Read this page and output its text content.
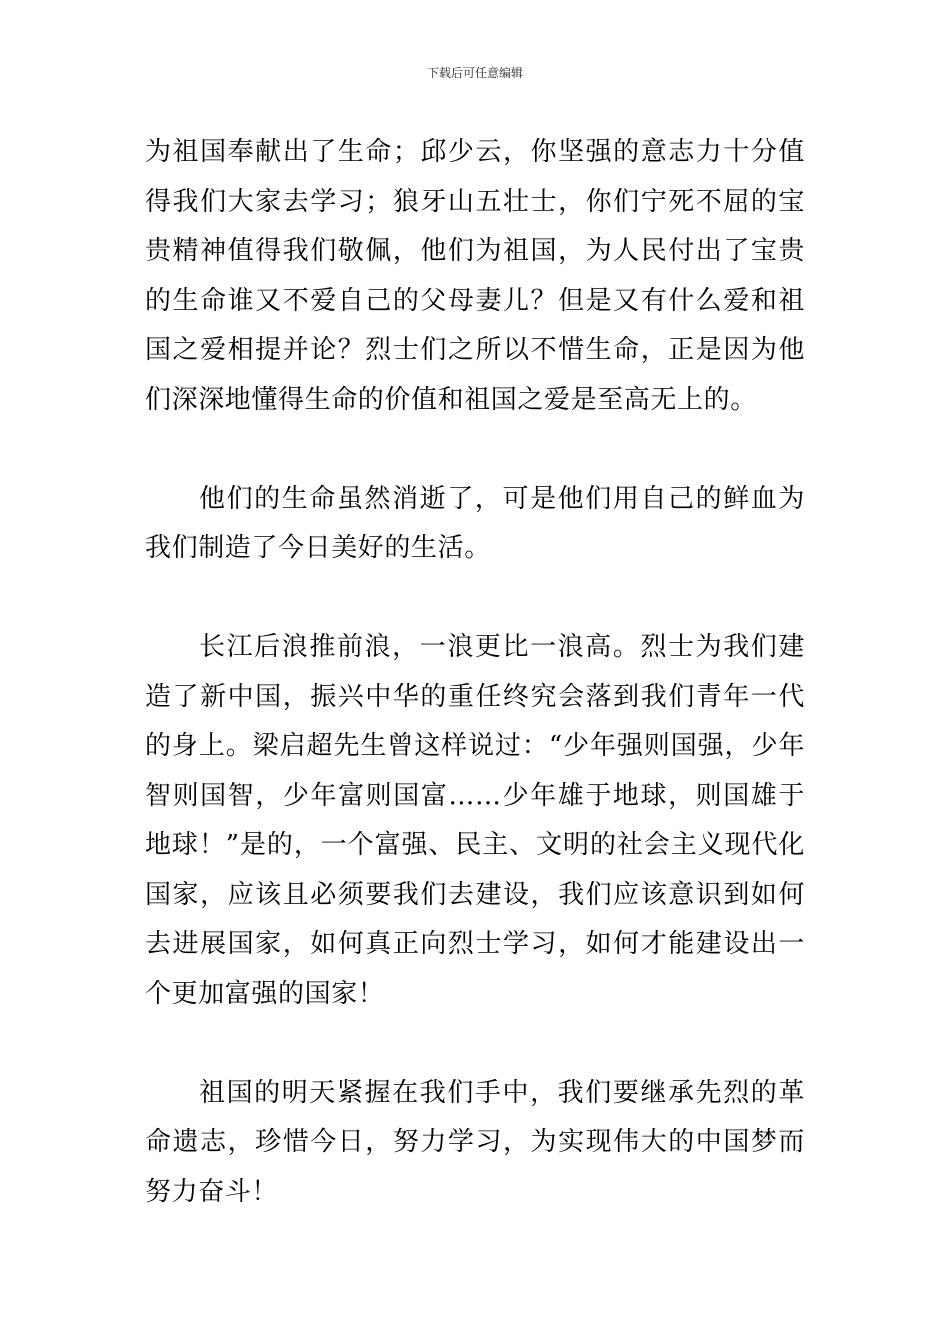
下载后可任意编辑

为祖国奉献出了生命；邱少云，你坚强的意志力十分值得我们大家去学习；狼牙山五壮士，你们宁死不屈的宝贵精神值得我们敬佩，他们为祖国，为人民付出了宝贵的生命谁又不爱自己的父母妻儿？但是又有什么爱和祖国之爱相提并论？烈士们之所以不惜生命，正是因为他们深深地懂得生命的价值和祖国之爱是至高无上的。

他们的生命虽然消逝了，可是他们用自己的鲜血为我们制造了今日美好的生活。

长江后浪推前浪，一浪更比一浪高。烈士为我们建造了新中国，振兴中华的重任终究会落到我们青年一代的身上。梁启超先生曾这样说过：“少年强则国强，少年智则国智，少年富则国富……少年雄于地球，则国雄于地球！”是的，一个富强、民主、文明的社会主义现代化国家，应该且必须要我们去建设，我们应该意识到如何去进展国家，如何真正向烈士学习，如何才能建设出一个更加富强的国家！

祖国的明天紧握在我们手中，我们要继承先烈的革命遗志，珍惜今日，努力学习，为实现伟大的中国梦而努力奋斗！
